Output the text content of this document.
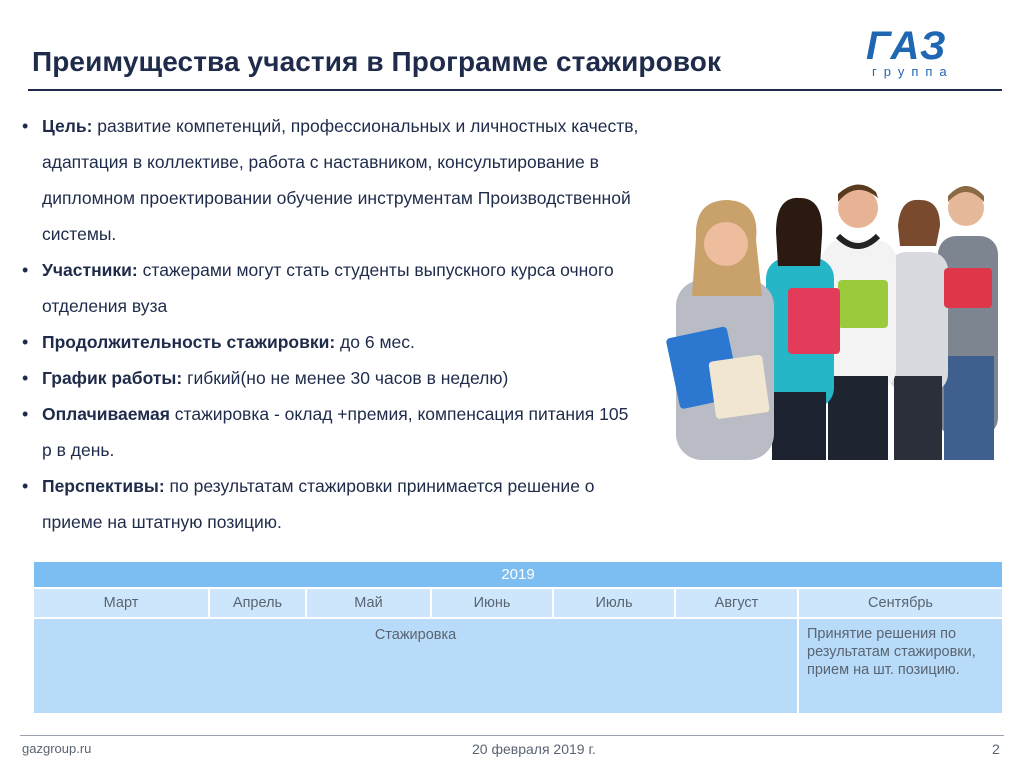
Преимущества участия в Программе стажировок	ГАЗ
группа
• Цель: развитие компетенций, профессиональных и личностных качеств, адаптация в коллективе, работа с наставником, консультирование в дипломном проектировании обучение инструментам Производственной системы.
• Участники: стажерами могут стать студенты выпускного курса очного отделения вуза
• Продолжительность стажировки: до 6 мес.
• График работы: гибкий(но не менее 30 часов в неделю)
• Оплачиваемая стажировка - оклад +премия, компенсация питания 105 р в день.
• Перспективы: по результатам стажировки принимается решение о приеме на штатную позицию.
2019						
Март	Апрель	Май	Июнь	Июль	Август	Сентябрь
Стажировка						Принятие решения по результатам стажировки, прием на шт. позицию.
gazgroup.ru	20 февраля 2019 г.	2
